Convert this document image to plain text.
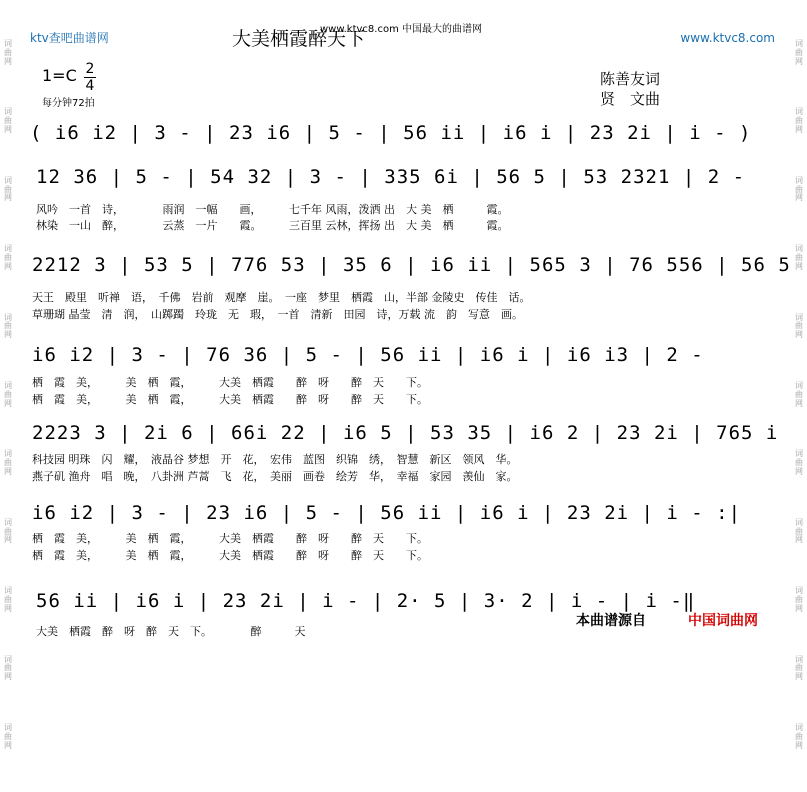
词曲网
词曲网
词曲网
词曲网
词曲网
词曲网
词曲网
词曲网
词曲网
词曲网
词曲网
词曲网
词曲网
词曲网
词曲网
词曲网
词曲网
词曲网
词曲网
词曲网
词曲网
词曲网
ktv查吧曲谱网	www.ktvc8.com
大美栖霞醉天下
www.ktvc8.com 中国最大的曲谱网
1=C 2
4
每分钟72拍
陈善友词
贤　文曲
( i6 i2 | 3 - | 23 i6 | 5 - | 56 ii | i6 i | 23 2i | i - )
12 36 | 5 - | 54 32 | 3 - | 335 6i | 56 5 | 53 2321 | 2 -
风吟　一首　诗，　　　　雨润　一幅　　画，　　　七千年 风雨，泼洒 出　大 美　栖　　　霞。
林染　一山　醉，　　　　云蒸　一片　　霞。　　　三百里 云林，挥扬 出　大 美　栖　　　霞。
2212 3 | 53 5 | 776 53 | 35 6 | i6 ii | 565 3 | 76 556 | 56 5
天王　殿里　听禅　语，　千佛　岩前　观摩　崖。　一座　梦里　栖霞　山，半部 金陵史　传佳　话。
草珊瑚 晶莹　清　润，　山踯躅　玲珑　无　瑕，　一首　清新　田园　诗，万载 流　韵　写意　画。
i6 i2 | 3 - | 76 36 | 5 - | 56 ii | i6 i | i6 i3 | 2 -
栖　霞　美，　　　美　栖　霞，　　　大美　栖霞　　醉　呀　　醉　天　　下。
栖　霞　美，　　　美　栖　霞，　　　大美　栖霞　　醉　呀　　醉　天　　下。
2223 3 | 2i 6 | 66i 22 | i6 5 | 53 35 | i6 2 | 23 2i | 765 i
科技园 明珠　闪　耀，　液晶谷 梦想　开　花，　宏伟　蓝图　织锦　绣，　智慧　新区　领风　华。
燕子矶 渔舟　唱　晚，　八卦洲 芦蒿　飞　花，　美丽　画卷　绘芳　华，　幸福　家园　羡仙　家。
i6 i2 | 3 - | 23 i6 | 5 - | 56 ii | i6 i | 23 2i | i - :|
栖　霞　美，　　　美　栖　霞，　　　大美　栖霞　　醉　呀　　醉　天　　下。
栖　霞　美，　　　美　栖　霞，　　　大美　栖霞　　醉　呀　　醉　天　　下。
56 ii | i6 i | 23 2i | i - | 2· 5 | 3· 2 | i - | i -‖
大美　栖霞　醉　呀　醉　天　下。　　　　醉　　　天
本曲谱源自	中国词曲网
